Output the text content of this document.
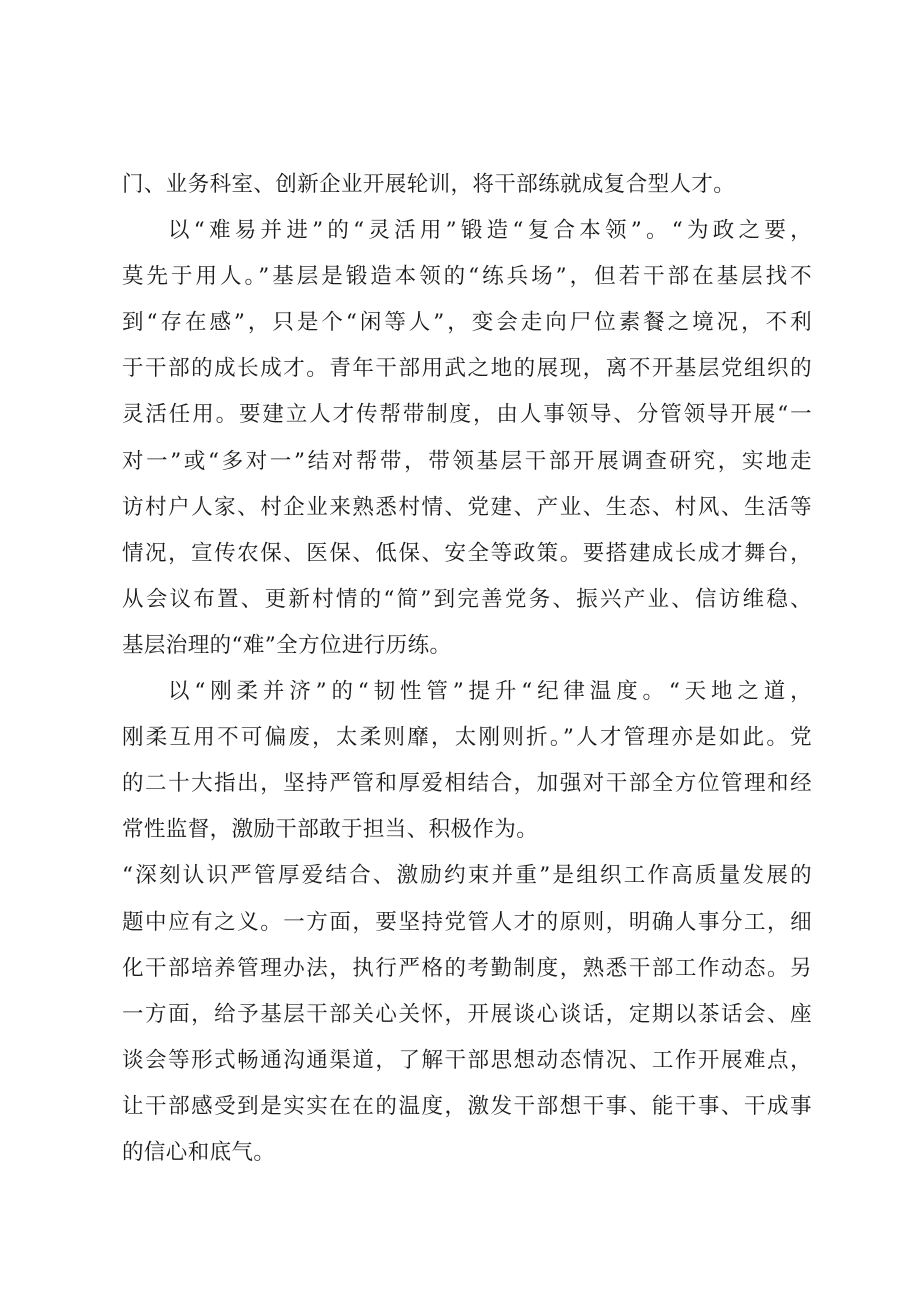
门、业务科室、创新企业开展轮训，将干部练就成复合型人才。
以“难易并进”的“灵活用”锻造“复合本领”。“为政之要，
莫先于用人。”基层是锻造本领的“练兵场”，但若干部在基层找不
到“存在感”，只是个“闲等人”，变会走向尸位素餐之境况，不利
于干部的成长成才。青年干部用武之地的展现，离不开基层党组织的
灵活任用。要建立人才传帮带制度，由人事领导、分管领导开展“一
对一”或“多对一”结对帮带，带领基层干部开展调查研究，实地走
访村户人家、村企业来熟悉村情、党建、产业、生态、村风、生活等
情况，宣传农保、医保、低保、安全等政策。要搭建成长成才舞台，
从会议布置、更新村情的“简”到完善党务、振兴产业、信访维稳、
基层治理的“难”全方位进行历练。
以“刚柔并济”的“韧性管”提升“纪律温度。“天地之道，
刚柔互用不可偏废，太柔则靡，太刚则折。”人才管理亦是如此。党
的二十大指出，坚持严管和厚爱相结合，加强对干部全方位管理和经
常性监督，激励干部敢于担当、积极作为。
“深刻认识严管厚爱结合、激励约束并重”是组织工作高质量发展的
题中应有之义。一方面，要坚持党管人才的原则，明确人事分工，细
化干部培养管理办法，执行严格的考勤制度，熟悉干部工作动态。另
一方面，给予基层干部关心关怀，开展谈心谈话，定期以茶话会、座
谈会等形式畅通沟通渠道，了解干部思想动态情况、工作开展难点，
让干部感受到是实实在在的温度，激发干部想干事、能干事、干成事
的信心和底气。
